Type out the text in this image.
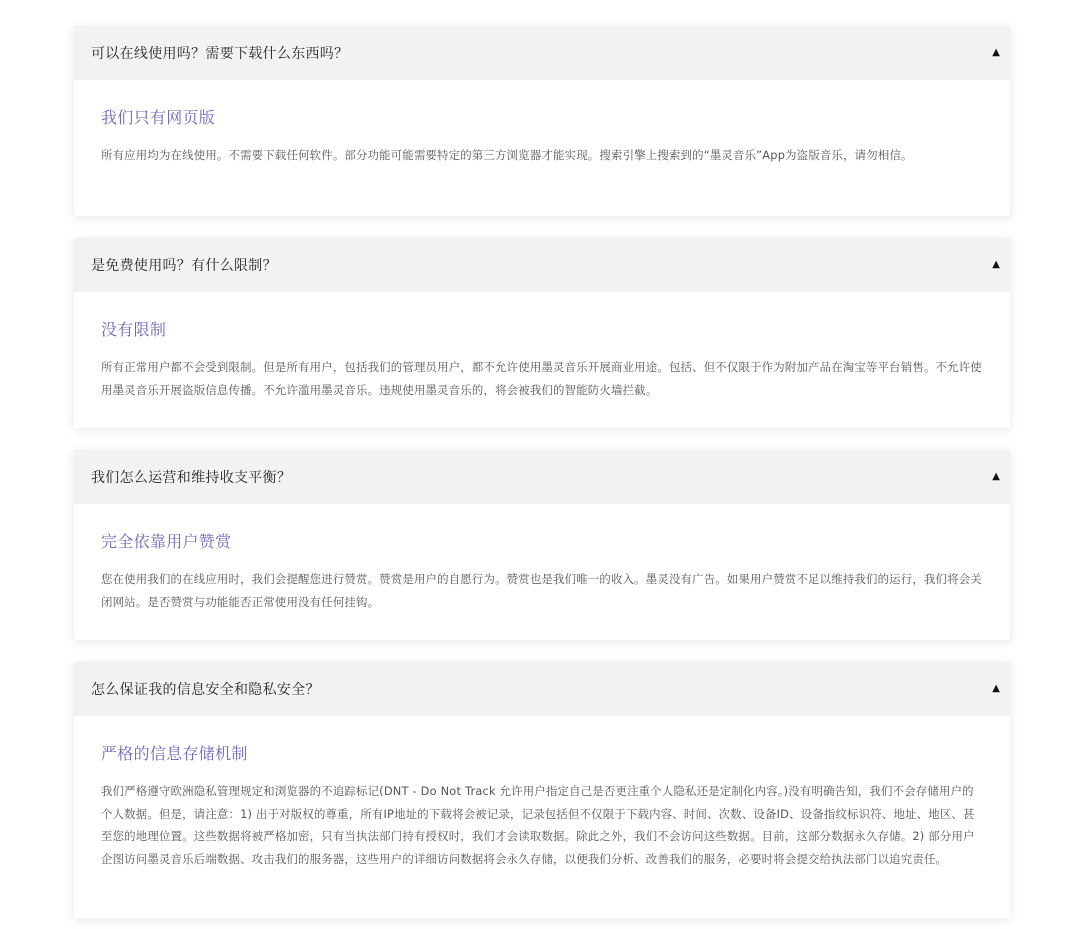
可以在线使用吗？需要下载什么东西吗？	▲
我们只有网页版

所有应用均为在线使用。不需要下载任何软件。部分功能可能需要特定的第三方浏览器才能实现。搜索引擎上搜索到的“墨灵音乐”App为盗版音乐，请勿相信。

是免费使用吗？有什么限制？	▲
没有限制

所有正常用户都不会受到限制。但是所有用户，包括我们的管理员用户，都不允许使用墨灵音乐开展商业用途。包括、但不仅限于作为附加产品在淘宝等平台销售。不允许使用墨灵音乐开展盗版信息传播。不允许滥用墨灵音乐。违规使用墨灵音乐的，将会被我们的智能防火墙拦截。

我们怎么运营和维持收支平衡？	▲
完全依靠用户赞赏

您在使用我们的在线应用时，我们会提醒您进行赞赏。赞赏是用户的自愿行为。赞赏也是我们唯一的收入。墨灵没有广告。如果用户赞赏不足以维持我们的运行，我们将会关闭网站。是否赞赏与功能能否正常使用没有任何挂钩。

怎么保证我的信息安全和隐私安全？	▲
严格的信息存储机制

我们严格遵守欧洲隐私管理规定和浏览器的不追踪标记(DNT - Do Not Track 允许用户指定自己是否更注重个人隐私还是定制化内容。)没有明确告知，我们不会存储用户的个人数据。但是，请注意：1) 出于对版权的尊重，所有IP地址的下载将会被记录，记录包括但不仅限于下载内容、时间、次数、设备ID、设备指纹标识符、地址、地区、甚至您的地理位置。这些数据将被严格加密，只有当执法部门持有授权时，我们才会读取数据。除此之外，我们不会访问这些数据。目前，这部分数据永久存储。2) 部分用户企图访问墨灵音乐后端数据、攻击我们的服务器，这些用户的详细访问数据将会永久存储，以便我们分析、改善我们的服务，必要时将会提交给执法部门以追究责任。
